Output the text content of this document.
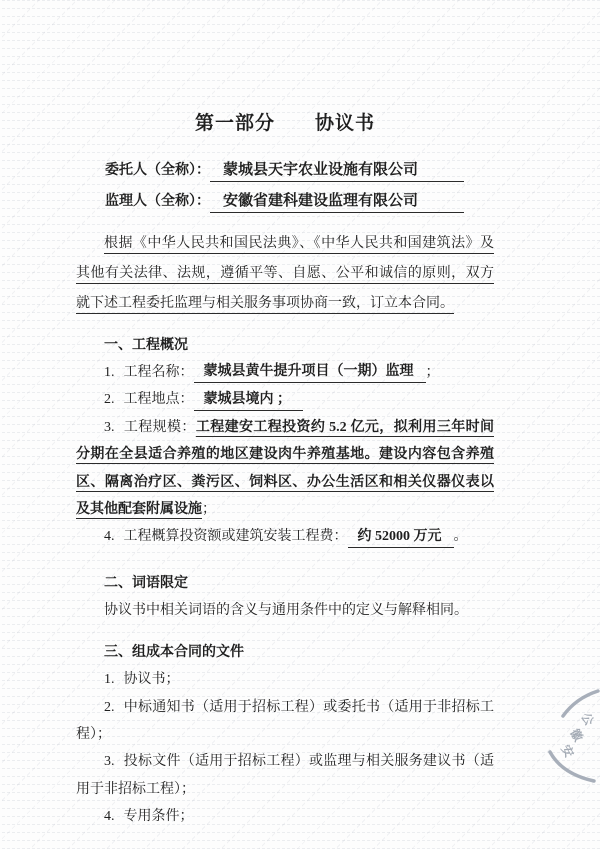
第一部分　　协议书
委托人（全称）： 蒙城县天宇农业设施有限公司
监理人（全称）： 安徽省建科建设监理有限公司

根据《中华人民共和国民法典》、《中华人民共和国建筑法》及其他有关法律、法规，遵循平等、自愿、公平和诚信的原则，双方就下述工程委托监理与相关服务事项协商一致，订立本合同。

一、工程概况

1. 工程名称： 蒙城县黄牛提升项目（一期）监理 ；

2. 工程地点： 蒙城县境内 ；

3. 工程规模：工程建安工程投资约 5.2 亿元，拟利用三年时间分期在全县适合养殖的地区建设肉牛养殖基地。建设内容包含养殖区、隔离治疗区、粪污区、饲料区、办公生活区和相关仪器仪表以及其他配套附属设施；

4. 工程概算投资额或建筑安装工程费： 约 52000 万元 。

二、词语限定

协议书中相关词语的含义与通用条件中的定义与解释相同。

三、组成本合同的文件

1. 协议书；

2. 中标通知书（适用于招标工程）或委托书（适用于非招标工程）；

3. 投标文件（适用于招标工程）或监理与相关服务建议书（适用于非招标工程）；

4. 专用条件；

公
徽
安
